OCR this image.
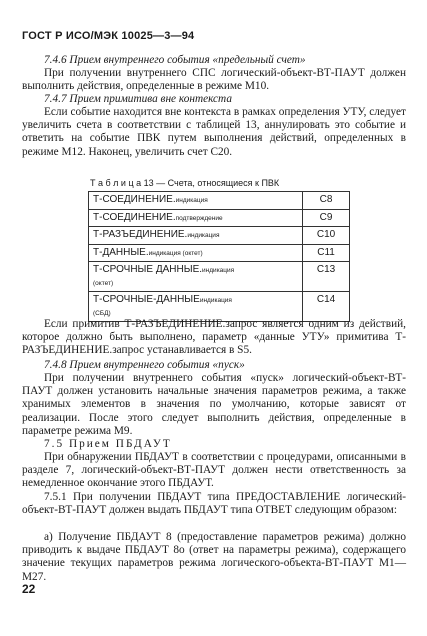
ГОСТ Р ИСО/МЭК 10025—3—94
7.4.6 Прием внутреннего события «предельный счет»
При получении внутреннего СПС логический-объект-ВТ-ПАУТ должен выполнить действия, определенные в режиме М10.
7.4.7 Прием примитива вне контекста
Если событие находится вне контекста в рамках определения УТУ, следует увеличить счета в соответствии с таблицей 13, аннулировать это событие и ответить на событие ПВК путем выполнения действий, определенных в режиме М12. Наконец, увеличить счет С20.
Т а б л и ц а 13 — Счета, относящиеся к ПВК
Т-СОЕДИНЕНИЕ.индикация	С8
Т-СОЕДИНЕНИЕ.подтверждение	С9
Т-РАЗЪЕДИНЕНИЕ.индикация	С10
Т-ДАННЫЕ.индикация (октет)	С11
Т-СРОЧНЫЕ ДАННЫЕ.индикация
(октет)	С13
Т-СРОЧНЫЕ-ДАННЫЕиндикация
(СБД)	С14
Если примитив Т-РАЗЪЕДИНЕНИЕ.запрос является одним из действий, которое должно быть выполнено, параметр «данные УТУ» примитива Т-РАЗЪЕДИНЕНИЕ.запрос устанавливается в S5.
7.4.8 Прием внутреннего события «пуск»
При получении внутреннего события «пуск» логический-объект-ВТ-ПАУТ должен установить начальные значения параметров режима, а также хранимых элементов в значения по умолчанию, которые зависят от реализации. После этого следует выполнить действия, определенные в параметре режима М9.
7.5 Прием ПБДАУТ
При обнаружении ПБДАУТ в соответствии с процедурами, описанными в разделе 7, логический-объект-ВТ-ПАУТ должен нести ответственность за немедленное окончание этого ПБДАУТ.
7.5.1 При получении ПБДАУТ типа ПРЕДОСТАВЛЕНИЕ логический-объект-ВТ-ПАУТ должен выдать ПБДАУТ типа ОТВЕТ следующим образом:
а) Получение ПБДАУТ 8 (предоставление параметров режима) должно приводить к выдаче ПБДАУТ 8о (ответ на параметры режима), содержащего значение текущих параметров режима логического-объекта-ВТ-ПАУТ М1—М27.
22
